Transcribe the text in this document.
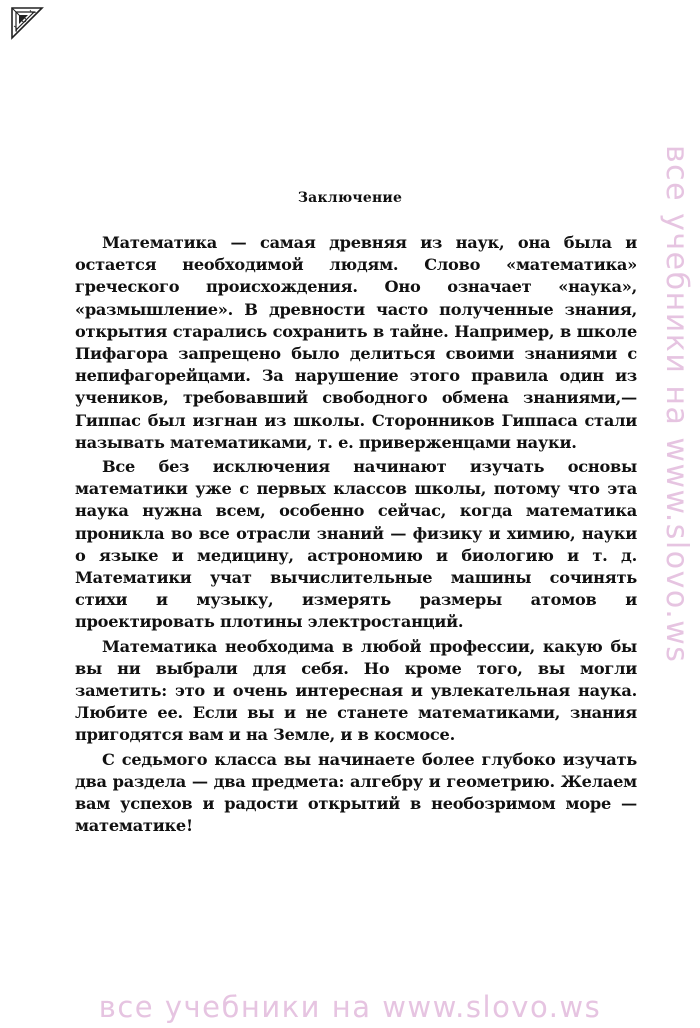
Заключение

Математика — самая древняя из наук, она была и остается необходимой людям. Слово «математика» греческого происхождения. Оно означает «наука», «размышление». В древности часто полученные знания, открытия старались сохранить в тайне. Например, в школе Пифагора запрещено было делиться своими знаниями с непифагорейцами. За нарушение этого правила один из учеников, требовавший свободного обмена знаниями,— Гиппас был изгнан из школы. Сторонников Гиппаса стали называть математиками, т. е. приверженцами науки.

Все без исключения начинают изучать основы математики уже с первых классов школы, потому что эта наука нужна всем, особенно сейчас, когда математика проникла во все отрасли знаний — физику и химию, науки о языке и медицину, астрономию и биологию и т. д. Математики учат вычислительные машины сочинять стихи и музыку, измерять размеры атомов и проектировать плотины электростанций.

Математика необходима в любой профессии, какую бы вы ни выбрали для себя. Но кроме того, вы могли заметить: это и очень интересная и увлекательная наука. Любите ее. Если вы и не станете математиками, знания пригодятся вам и на Земле, и в космосе.

С седьмого класса вы начинаете более глубоко изучать два раздела — два предмета: алгебру и геометрию. Желаем вам успехов и радости открытий в необозримом море — математике!

все учебники на www.slovo.ws
все учебники на www.slovo.ws
